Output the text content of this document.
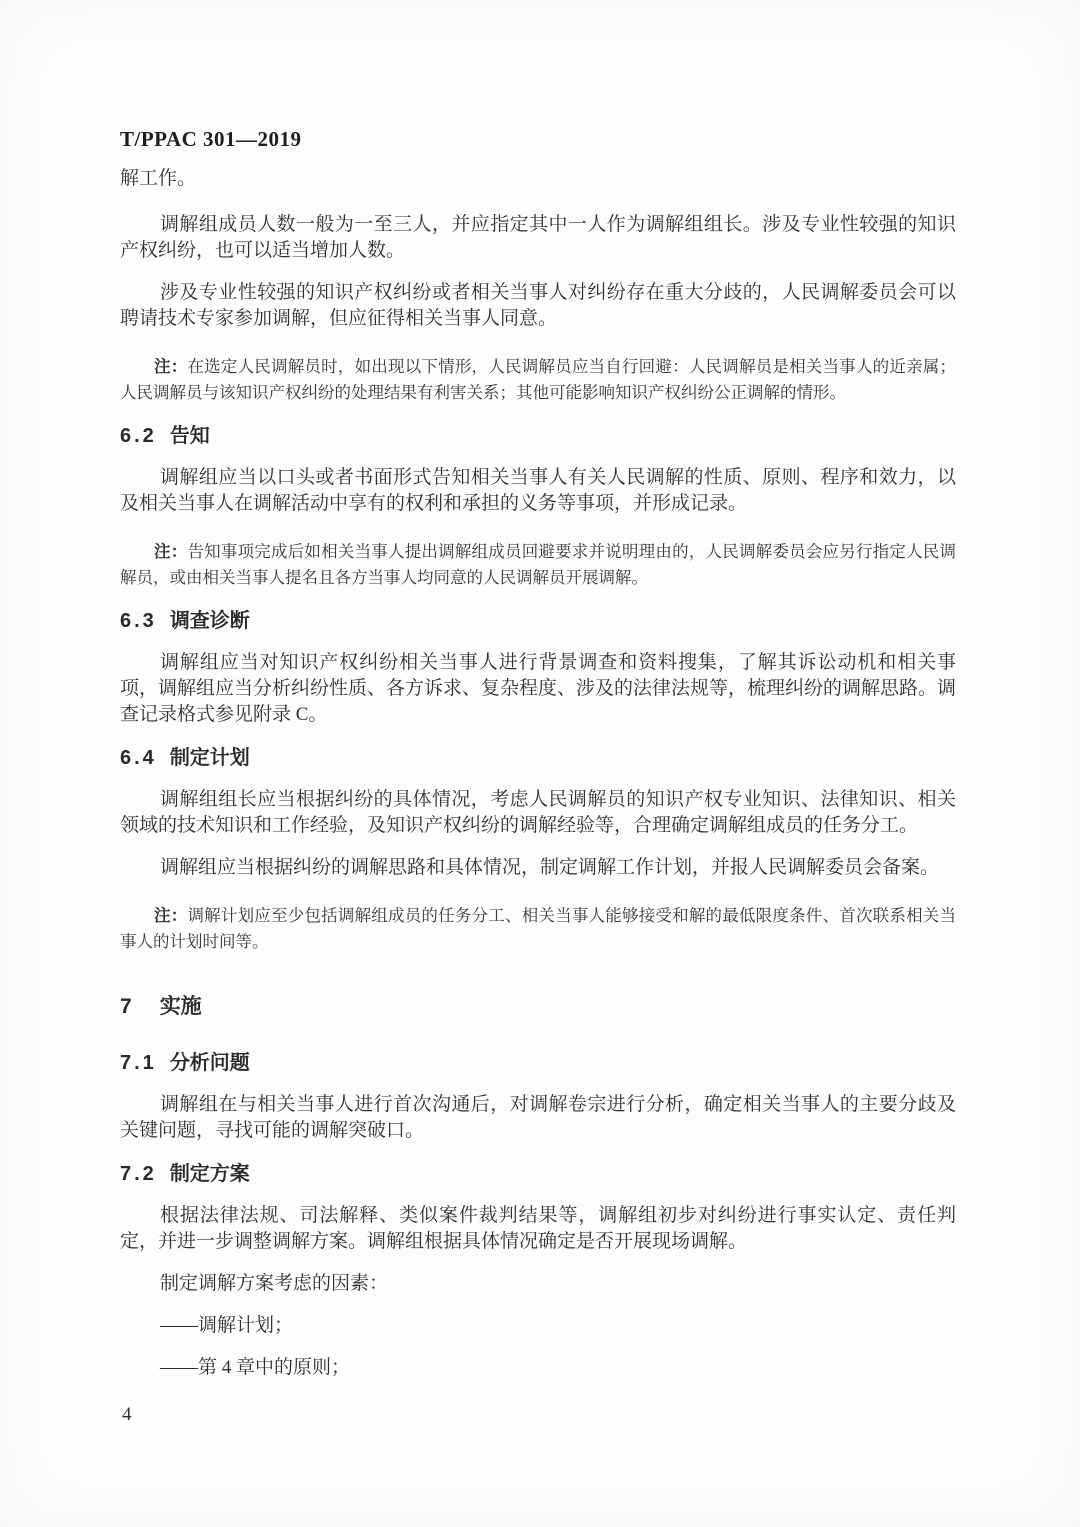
T/PPAC 301—2019

解工作。

调解组成员人数一般为一至三人，并应指定其中一人作为调解组组长。涉及专业性较强的知识产权纠纷，也可以适当增加人数。

涉及专业性较强的知识产权纠纷或者相关当事人对纠纷存在重大分歧的，人民调解委员会可以聘请技术专家参加调解，但应征得相关当事人同意。

注：在选定人民调解员时，如出现以下情形，人民调解员应当自行回避：人民调解员是相关当事人的近亲属；人民调解员与该知识产权纠纷的处理结果有利害关系；其他可能影响知识产权纠纷公正调解的情形。

6.2 告知

调解组应当以口头或者书面形式告知相关当事人有关人民调解的性质、原则、程序和效力，以及相关当事人在调解活动中享有的权利和承担的义务等事项，并形成记录。

注：告知事项完成后如相关当事人提出调解组成员回避要求并说明理由的，人民调解委员会应另行指定人民调解员，或由相关当事人提名且各方当事人均同意的人民调解员开展调解。

6.3 调查诊断

调解组应当对知识产权纠纷相关当事人进行背景调查和资料搜集，了解其诉讼动机和相关事项，调解组应当分析纠纷性质、各方诉求、复杂程度、涉及的法律法规等，梳理纠纷的调解思路。调查记录格式参见附录 C。

6.4 制定计划

调解组组长应当根据纠纷的具体情况，考虑人民调解员的知识产权专业知识、法律知识、相关领域的技术知识和工作经验，及知识产权纠纷的调解经验等，合理确定调解组成员的任务分工。

调解组应当根据纠纷的调解思路和具体情况，制定调解工作计划，并报人民调解委员会备案。

注：调解计划应至少包括调解组成员的任务分工、相关当事人能够接受和解的最低限度条件、首次联系相关当事人的计划时间等。

7 实施
7.1 分析问题

调解组在与相关当事人进行首次沟通后，对调解卷宗进行分析，确定相关当事人的主要分歧及关键问题，寻找可能的调解突破口。

7.2 制定方案

根据法律法规、司法解释、类似案件裁判结果等，调解组初步对纠纷进行事实认定、责任判定，并进一步调整调解方案。调解组根据具体情况确定是否开展现场调解。

制定调解方案考虑的因素：

——调解计划；

——第 4 章中的原则；

4
